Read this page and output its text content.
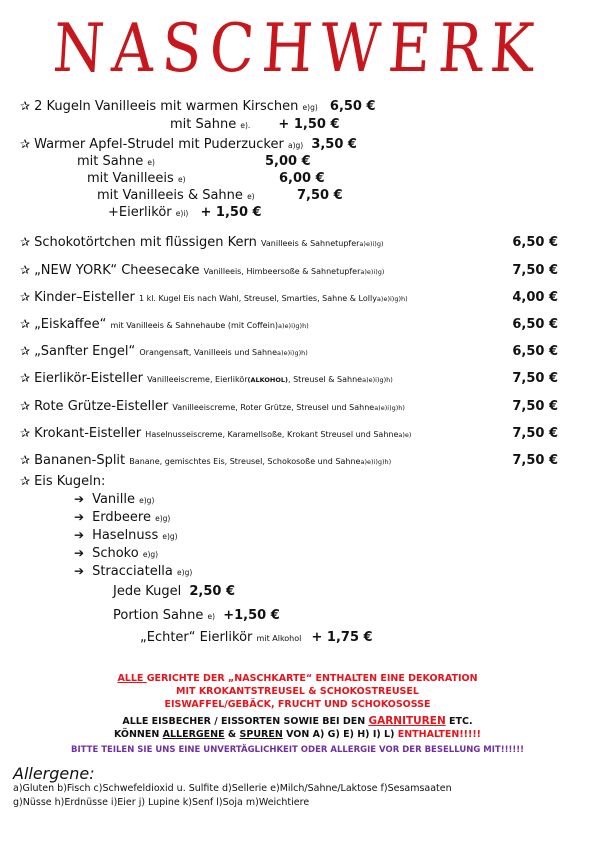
NASCHWERK
✰ 2 Kugeln Vanilleeis mit warmen Kirschen e)g) 6,50 €
mit Sahne e). + 1,50 €
✰ Warmer Apfel-Strudel mit Puderzucker a)g) 3,50 €
mit Sahne e)	5,00 €
mit Vanilleeis e)	6,00 €
mit Vanilleeis & Sahne e)	7,50 €
+Eierlikör e)i) + 1,50 €
✰ Schokotörtchen mit flüssigen Kern Vanilleeis & Sahnetupfera)e)i)g)	6,50 €
✰ „NEW YORK“ Cheesecake Vanilleeis, Himbeersoße & Sahnetupfera)e)i)g)	7,50 €
✰ Kinder–Eisteller 1 kl. Kugel Eis nach Wahl, Streusel, Smarties, Sahne & Lollya)e)i)g)h)	4,00 €
✰ „Eiskaffee“ mit Vanilleeis & Sahnehaube (mit Coffein)a)e)i)g)h)	6,50 €
✰ „Sanfter Engel“ Orangensaft, Vanilleeis und Sahnea)e)i)g)h)	6,50 €
✰ Eierlikör-Eisteller Vanilleeiscreme, Eierlikör(ALKOHOL), Streusel & Sahnea)e)i)g)h)	7,50 €
✰ Rote Grütze-Eisteller Vanilleeiscreme, Roter Grütze, Streusel und Sahnea)e)i)g)h)	7,50 €
✰ Krokant-Eisteller Haselnusseiscreme, Karamellsoße, Krokant Streusel und Sahnea)e)	7,50 €
✰ Bananen-Split Banane, gemischtes Eis, Streusel, Schokosoße und Sahnea)e)i)g)h)	7,50 €
✰ Eis Kugeln:
➔ Vanille e)g)
➔ Erdbeere e)g)
➔ Haselnuss e)g)
➔ Schoko e)g)
➔ Stracciatella e)g)
Jede Kugel 2,50 €
Portion Sahne e) +1,50 €
„Echter“ Eierlikör mit Alkohol + 1,75 €
ALLE GERICHTE DER „NASCHKARTE“ ENTHALTEN EINE DEKORATION
MIT KROKANTSTREUSEL & SCHOKOSTREUSEL
EISWAFFEL/GEBÄCK, FRUCHT UND SCHOKOSOSSE
ALLE EISBECHER / EISSORTEN SOWIE BEI DEN GARNITUREN ETC.
KÖNNEN ALLERGENE & SPUREN VON A) G) E) H) I) L) ENTHALTEN!!!!!
BITTE TEILEN SIE UNS EINE UNVERTÄGLICHKEIT ODER ALLERGIE VOR DER BESELLUNG MIT!!!!!!
Allergene:
a)Gluten b)Fisch c)Schwefeldioxid u. Sulfite d)Sellerie e)Milch/Sahne/Laktose f)Sesamsaaten
g)Nüsse h)Erdnüsse i)Eier j) Lupine k)Senf l)Soja m)Weichtiere
